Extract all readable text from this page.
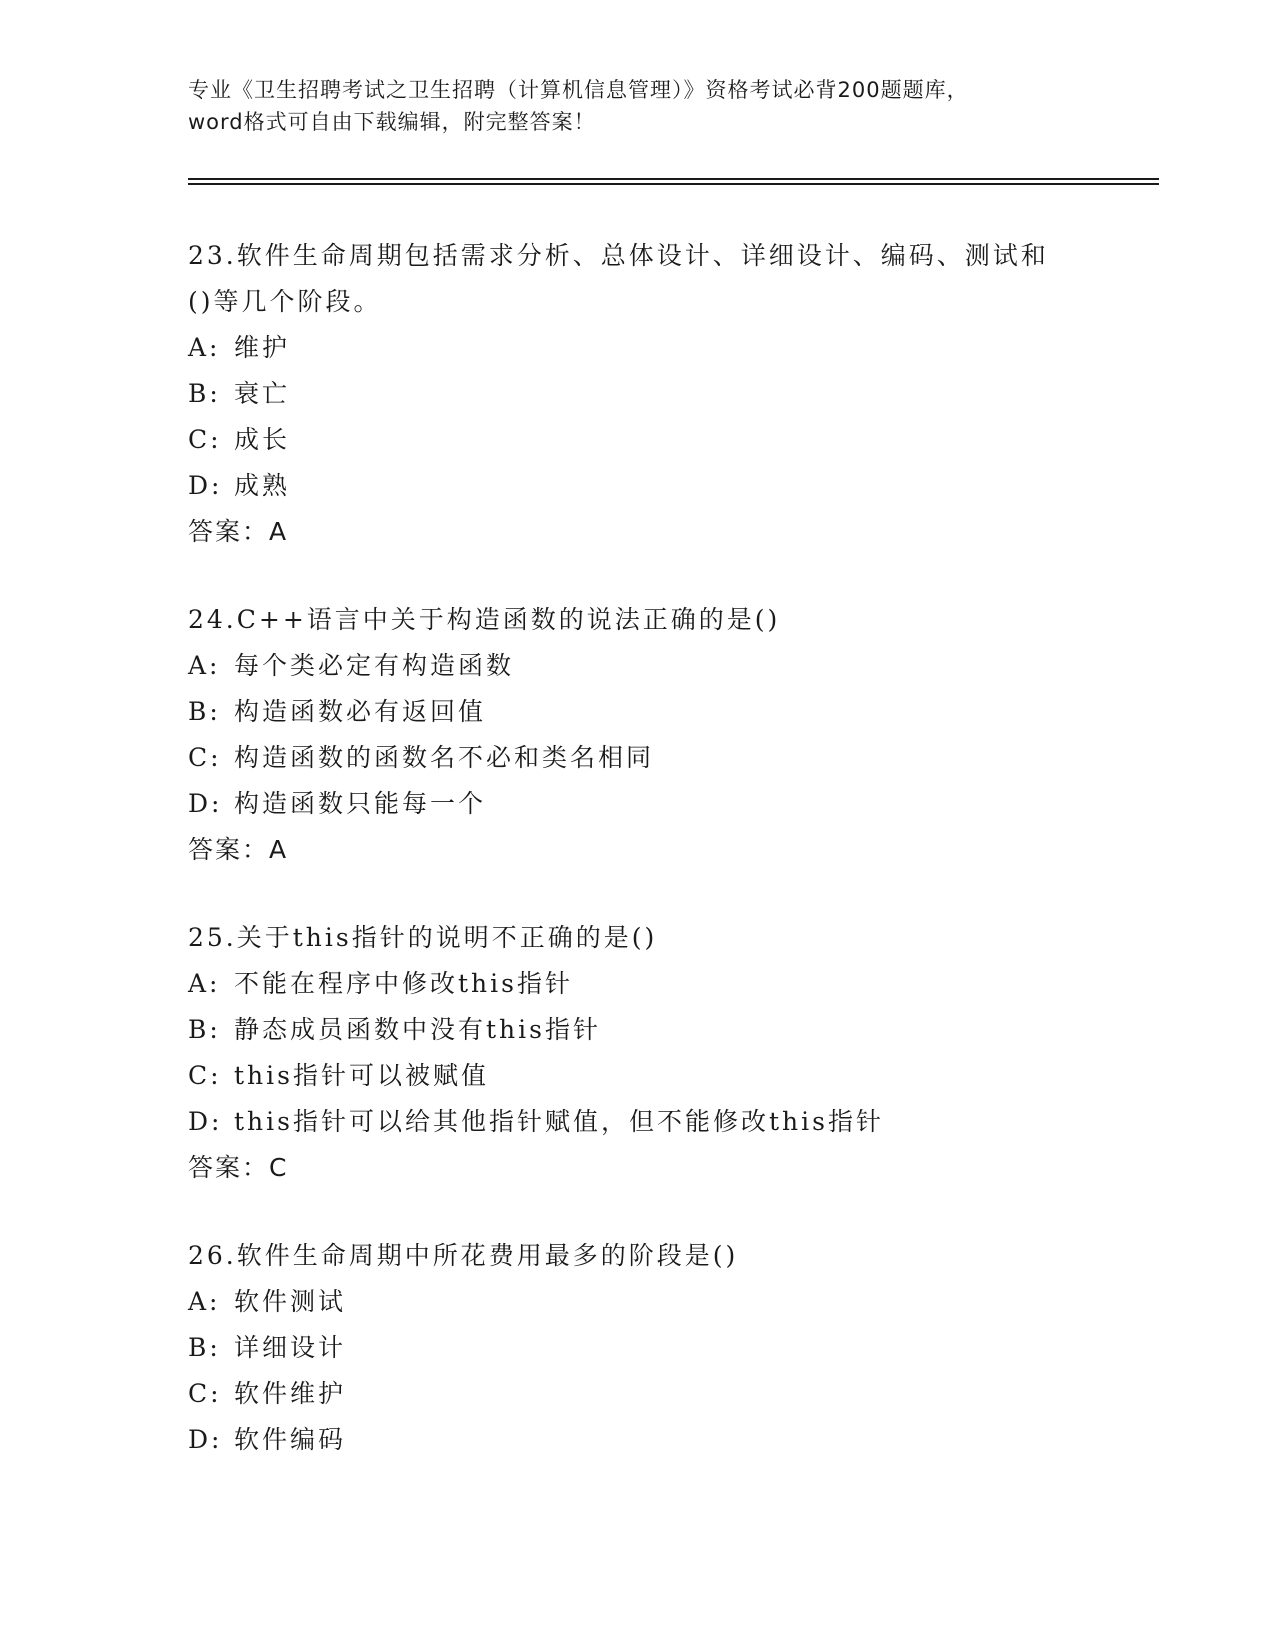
专业《卫生招聘考试之卫生招聘（计算机信息管理）》资格考试必背200题题库，
word格式可自由下载编辑，附完整答案！
23.软件生命周期包括需求分析、总体设计、详细设计、编码、测试和
()等几个阶段。
A: 维护
B: 衰亡
C: 成长
D: 成熟
答案：A
24.C++语言中关于构造函数的说法正确的是()
A: 每个类必定有构造函数
B: 构造函数必有返回值
C: 构造函数的函数名不必和类名相同
D: 构造函数只能每一个
答案：A
25.关于this指针的说明不正确的是()
A: 不能在程序中修改this指针
B: 静态成员函数中没有this指针
C: this指针可以被赋值
D: this指针可以给其他指针赋值，但不能修改this指针
答案：C
26.软件生命周期中所花费用最多的阶段是()
A: 软件测试
B: 详细设计
C: 软件维护
D: 软件编码
